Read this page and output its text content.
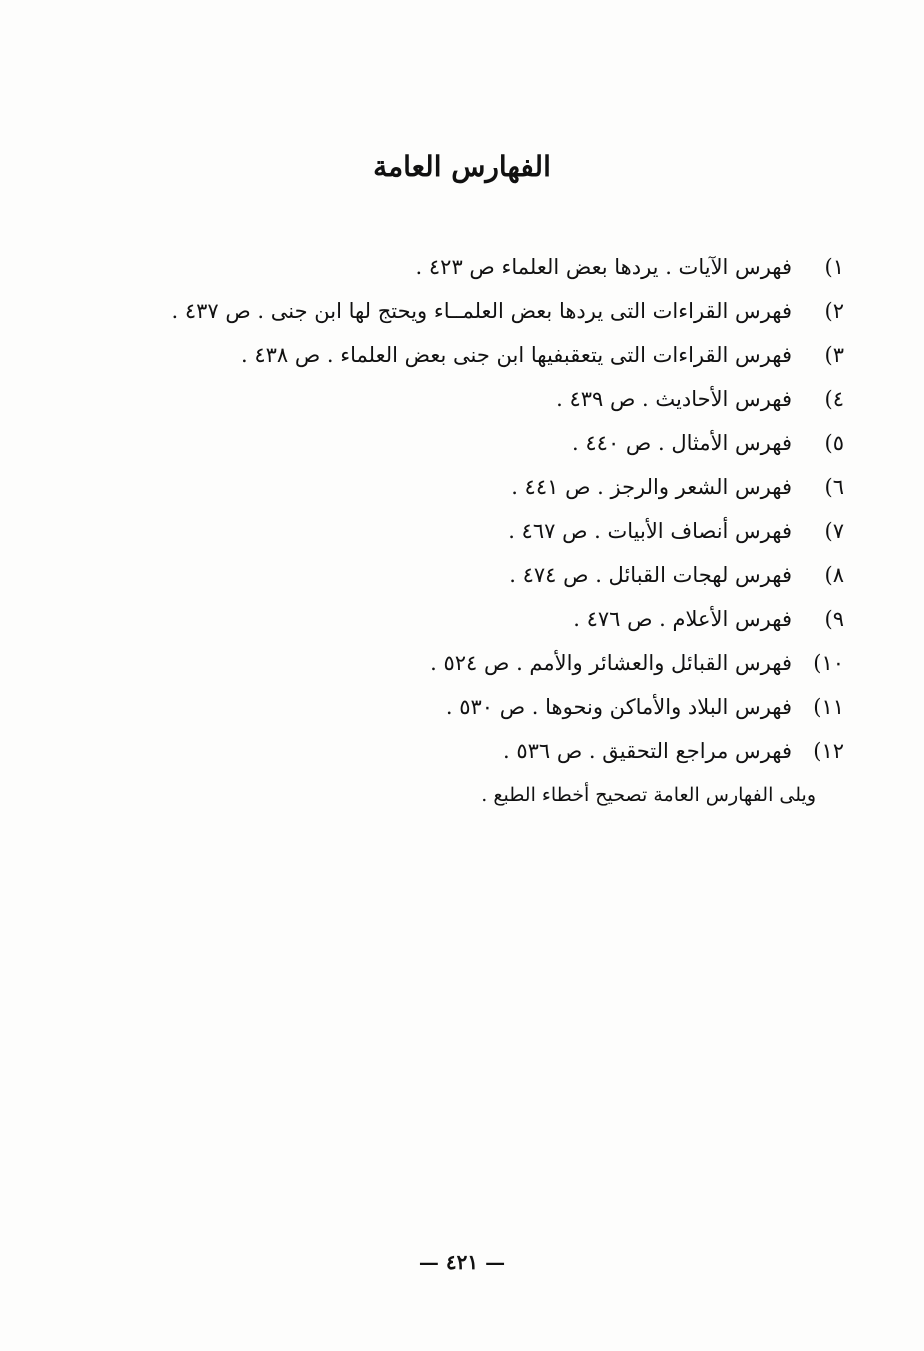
الفهارس العامة
١)
فهرس الآيات . يردها بعض العلماء ص ٤٢٣ .
٢)
فهرس القراءات التى يردها بعض العلمــاء ويحتج لها ابن جنى . ص ٤٣٧ .
٣)
فهرس القراءات التى يتعقبفيها ابن جنى بعض العلماء . ص ٤٣٨ .
٤)
فهرس الأحاديث . ص ٤٣٩ .
٥)
فهرس الأمثال . ص ٤٤٠ .
٦)
فهرس الشعر والرجز . ص ٤٤١ .
٧)
فهرس أنصاف الأبيات . ص ٤٦٧ .
٨)
فهرس لهجات القبائل . ص ٤٧٤ .
٩)
فهرس الأعلام . ص ٤٧٦ .
١٠)
فهرس القبائل والعشائر والأمم . ص ٥٢٤ .
١١)
فهرس البلاد والأماكن ونحوها . ص ٥٣٠ .
١٢)
فهرس مراجع التحقيق . ص ٥٣٦ .
ويلى الفهارس العامة تصحيح أخطاء الطبع .
— ٤٢١ —
